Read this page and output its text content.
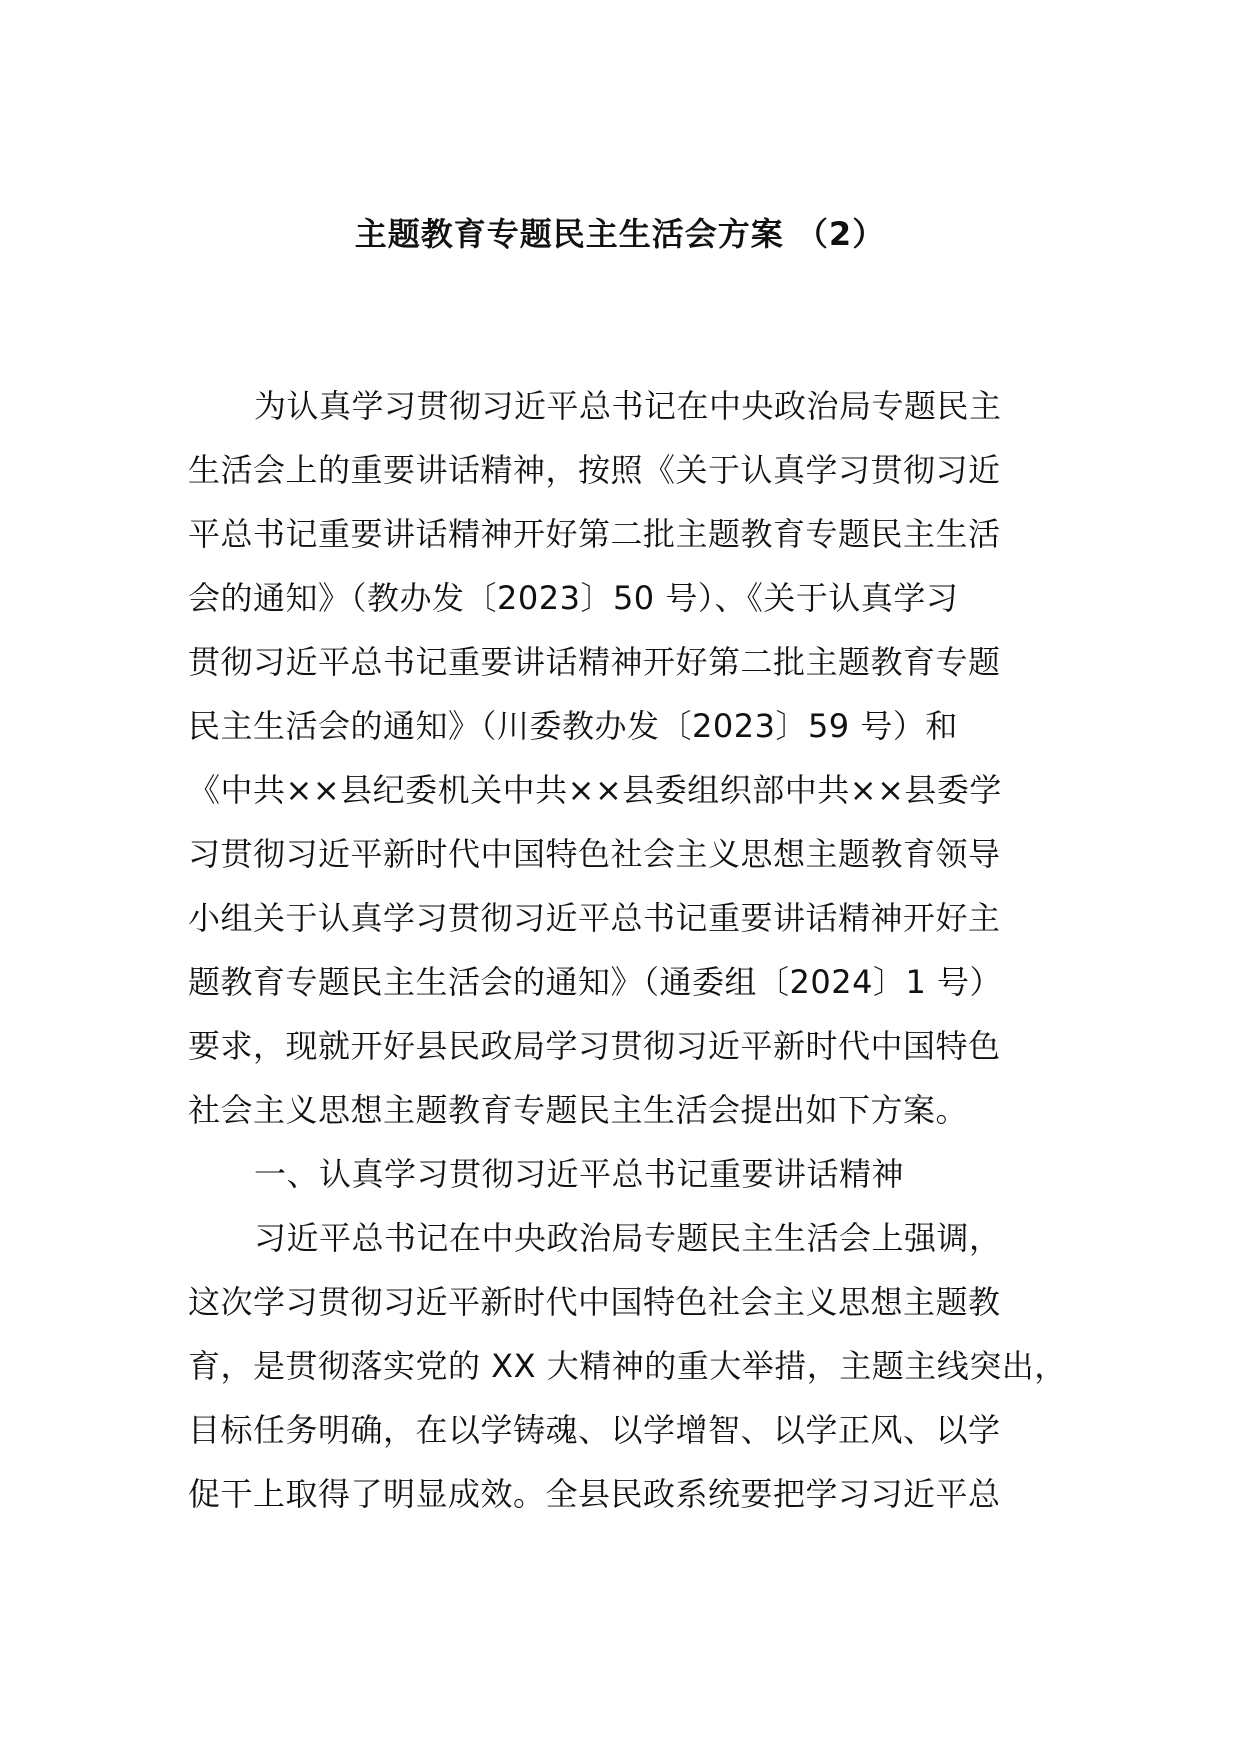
主题教育专题民主生活会方案 （2）
为认真学习贯彻习近平总书记在中央政治局专题民主
生活会上的重要讲话精神，按照《关于认真学习贯彻习近
平总书记重要讲话精神开好第二批主题教育专题民主生活
会的通知》（教办发〔2023〕50 号）、《关于认真学习
贯彻习近平总书记重要讲话精神开好第二批主题教育专题
民主生活会的通知》（川委教办发〔2023〕59 号）和
《中共××县纪委机关中共××县委组织部中共××县委学
习贯彻习近平新时代中国特色社会主义思想主题教育领导
小组关于认真学习贯彻习近平总书记重要讲话精神开好主
题教育专题民主生活会的通知》（通委组〔2024〕1 号）
要求，现就开好县民政局学习贯彻习近平新时代中国特色
社会主义思想主题教育专题民主生活会提出如下方案。
一、认真学习贯彻习近平总书记重要讲话精神
习近平总书记在中央政治局专题民主生活会上强调，
这次学习贯彻习近平新时代中国特色社会主义思想主题教
育，是贯彻落实党的 XX 大精神的重大举措，主题主线突出，
目标任务明确，在以学铸魂、以学增智、以学正风、以学
促干上取得了明显成效。全县民政系统要把学习习近平总
